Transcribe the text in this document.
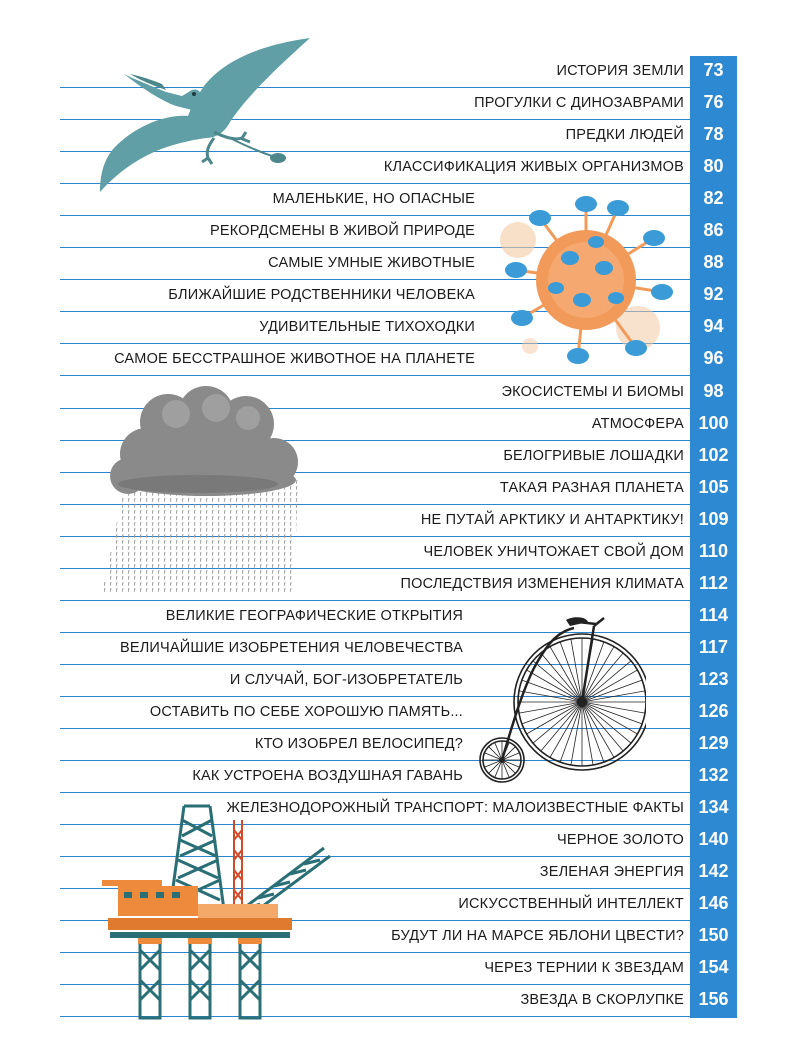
ИСТОРИЯ ЗЕМЛИ	73
ПРОГУЛКИ С ДИНОЗАВРАМИ	76
ПРЕДКИ ЛЮДЕЙ	78
КЛАССИФИКАЦИЯ ЖИВЫХ ОРГАНИЗМОВ	80
МАЛЕНЬКИЕ, НО ОПАСНЫЕ	82
РЕКОРДСМЕНЫ В ЖИВОЙ ПРИРОДЕ	86
САМЫЕ УМНЫЕ ЖИВОТНЫЕ	88
БЛИЖАЙШИЕ РОДСТВЕННИКИ ЧЕЛОВЕКА	92
УДИВИТЕЛЬНЫЕ ТИХОХОДКИ	94
САМОЕ БЕССТРАШНОЕ ЖИВОТНОЕ НА ПЛАНЕТЕ	96
ЭКОСИСТЕМЫ И БИОМЫ	98
АТМОСФЕРА 100
БЕЛОГРИВЫЕ ЛОШАДКИ 102
ТАКАЯ РАЗНАЯ ПЛАНЕТА 105
НЕ ПУТАЙ АРКТИКУ И АНТАРКТИКУ! 109
ЧЕЛОВЕК УНИЧТОЖАЕТ СВОЙ ДОМ 110
ПОСЛЕДСТВИЯ ИЗМЕНЕНИЯ КЛИМАТА 112
ВЕЛИКИЕ ГЕОГРАФИЧЕСКИЕ ОТКРЫТИЯ	114
ВЕЛИЧАЙШИЕ ИЗОБРЕТЕНИЯ ЧЕЛОВЕЧЕСТВА	117
И СЛУЧАЙ, БОГ-ИЗОБРЕТАТЕЛЬ	123
ОСТАВИТЬ ПО СЕБЕ ХОРОШУЮ ПАМЯТЬ...	126
КТО ИЗОБРЕЛ ВЕЛОСИПЕД?	129
КАК УСТРОЕНА ВОЗДУШНАЯ ГАВАНЬ	132
ЖЕЛЕЗНОДОРОЖНЫЙ ТРАНСПОРТ: МАЛОИЗВЕСТНЫЕ ФАКТЫ 134
ЧЕРНОЕ ЗОЛОТО 140
ЗЕЛЕНАЯ ЭНЕРГИЯ 142
ИСКУССТВЕННЫЙ ИНТЕЛЛЕКТ 146
БУДУТ ЛИ НА МАРСЕ ЯБЛОНИ ЦВЕСТИ? 150
ЧЕРЕЗ ТЕРНИИ К ЗВЕЗДАМ 154
ЗВЕЗДА В СКОРЛУПКЕ 156
